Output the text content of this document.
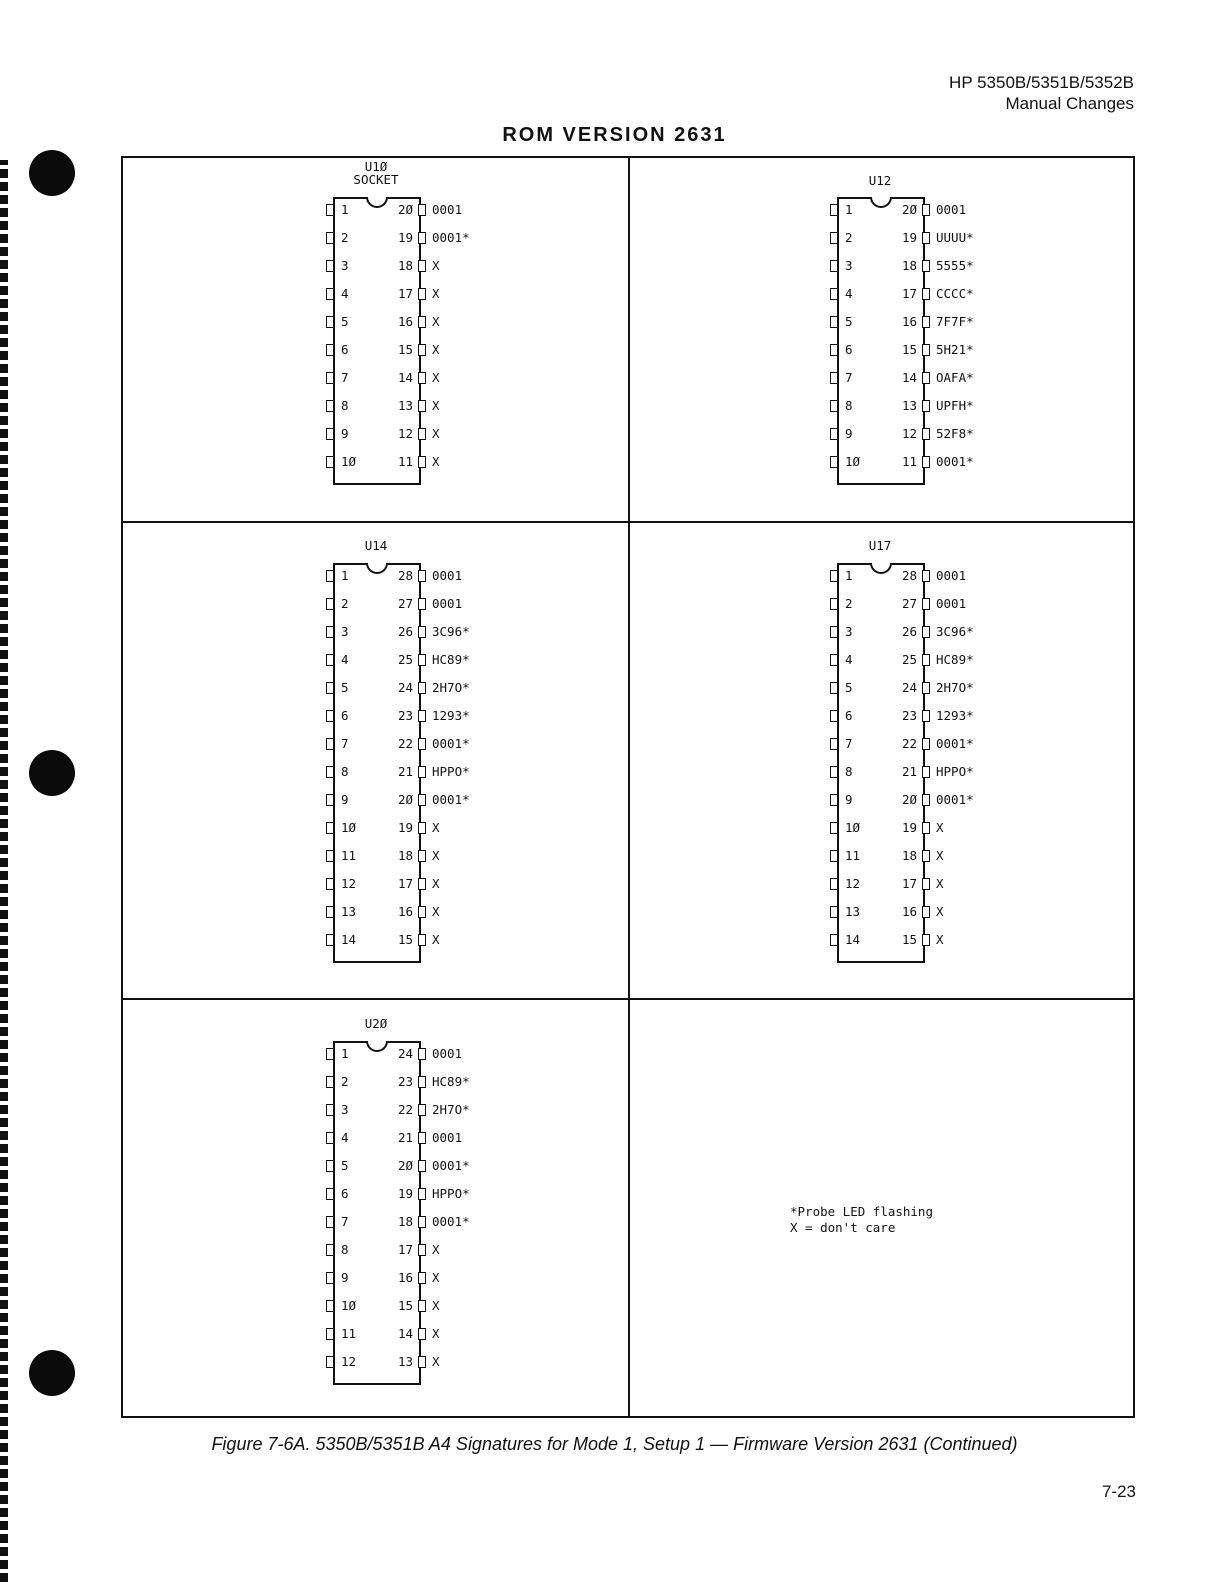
HP 5350B/5351B/5352B
Manual Changes
ROM VERSION 2631
U1Ø
SOCKET
1	2Ø 0001
2	19 0001*
3	18 X
4	17 X
5	16 X
6	15 X
7	14 X
8	13 X
9	12 X
1Ø	11 X
U12
1	2Ø 0001
2	19 UUUU*
3	18 5555*
4	17 CCCC*
5	16 7F7F*
6	15 5H21*
7	14 OAFA*
8	13 UPFH*
9	12 52F8*
1Ø	11 0001*
U14
1	28 0001
2	27 0001
3	26 3C96*
4	25 HC89*
5	24 2H7O*
6	23 1293*
7	22 0001*
8	21 HPPO*
9	2Ø 0001*
1Ø	19 X
11	18 X
12	17 X
13	16 X
14	15 X
U17
1	28 0001
2	27 0001
3	26 3C96*
4	25 HC89*
5	24 2H7O*
6	23 1293*
7	22 0001*
8	21 HPPO*
9	2Ø 0001*
1Ø	19 X
11	18 X
12	17 X
13	16 X
14	15 X
U2Ø
1	24 0001
2	23 HC89*
3	22 2H7O*
4	21 0001
5	2Ø 0001*
6	19 HPPO*
7	18 0001*
8	17 X
9	16 X
1Ø	15 X
11	14 X
12	13 X
*Probe LED flashing
X = don't care
Figure 7-6A. 5350B/5351B A4 Signatures for Mode 1, Setup 1 — Firmware Version 2631 (Continued)
7-23
